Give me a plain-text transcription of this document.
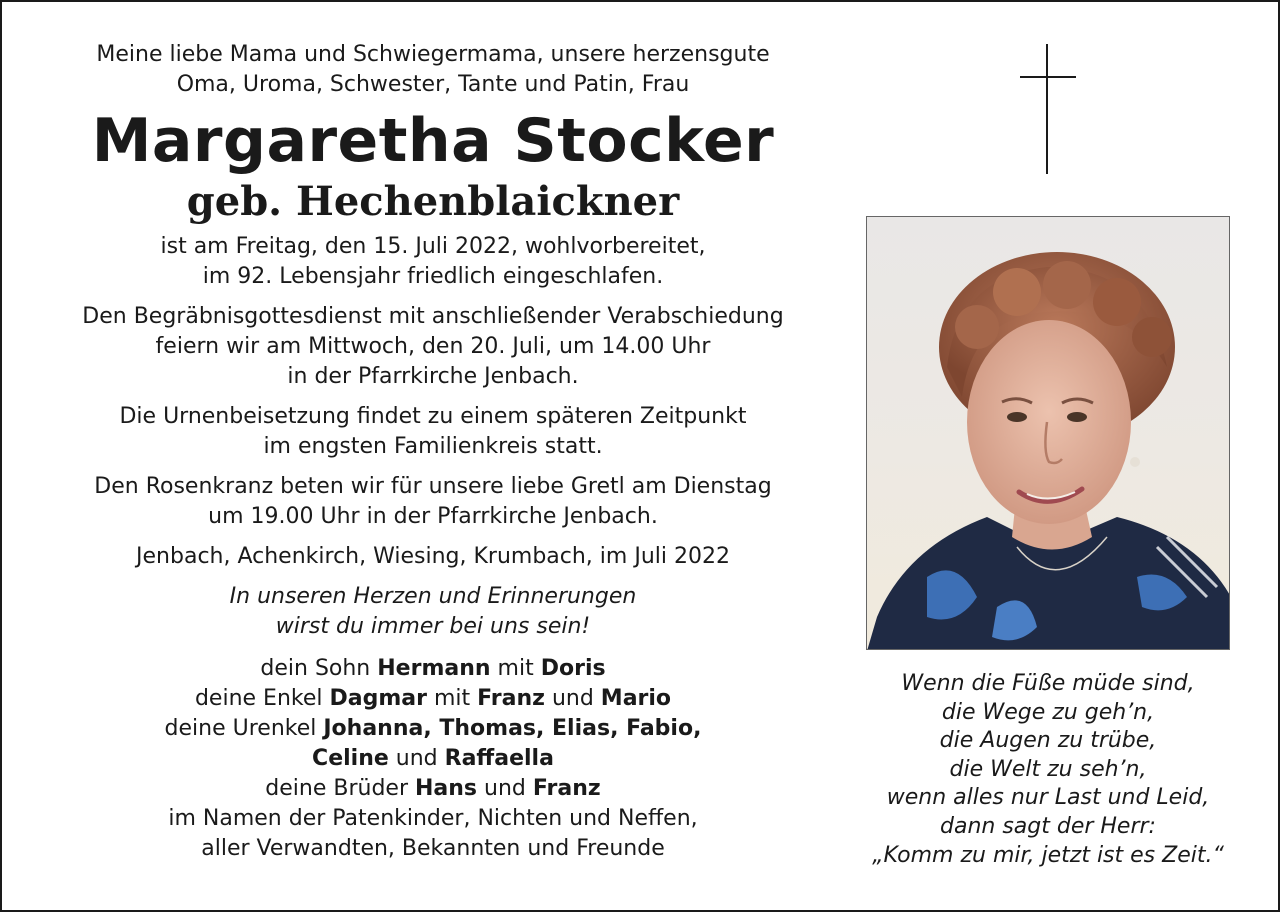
Meine liebe Mama und Schwiegermama, unsere herzensgute
Oma, Uroma, Schwester, Tante und Patin, Frau
Margaretha Stocker
geb. Hechenblaickner
ist am Freitag, den 15. Juli 2022, wohlvorbereitet,
im 92. Lebensjahr friedlich eingeschlafen.
Den Begräbnisgottesdienst mit anschließender Verabschiedung
feiern wir am Mittwoch, den 20. Juli, um 14.00 Uhr
in der Pfarrkirche Jenbach.
Die Urnenbeisetzung findet zu einem späteren Zeitpunkt
im engsten Familienkreis statt.
Den Rosenkranz beten wir für unsere liebe Gretl am Dienstag
um 19.00 Uhr in der Pfarrkirche Jenbach.
Jenbach, Achenkirch, Wiesing, Krumbach, im Juli 2022
In unseren Herzen und Erinnerungen
wirst du immer bei uns sein!
dein Sohn Hermann mit Doris
deine Enkel Dagmar mit Franz und Mario
deine Urenkel Johanna, Thomas, Elias, Fabio,
Celine und Raffaella
deine Brüder Hans und Franz
im Namen der Patenkinder, Nichten und Neffen,
aller Verwandten, Bekannten und Freunde
Wenn die Füße müde sind,
die Wege zu geh’n,
die Augen zu trübe,
die Welt zu seh’n,
wenn alles nur Last und Leid,
dann sagt der Herr:
„Komm zu mir, jetzt ist es Zeit.“
